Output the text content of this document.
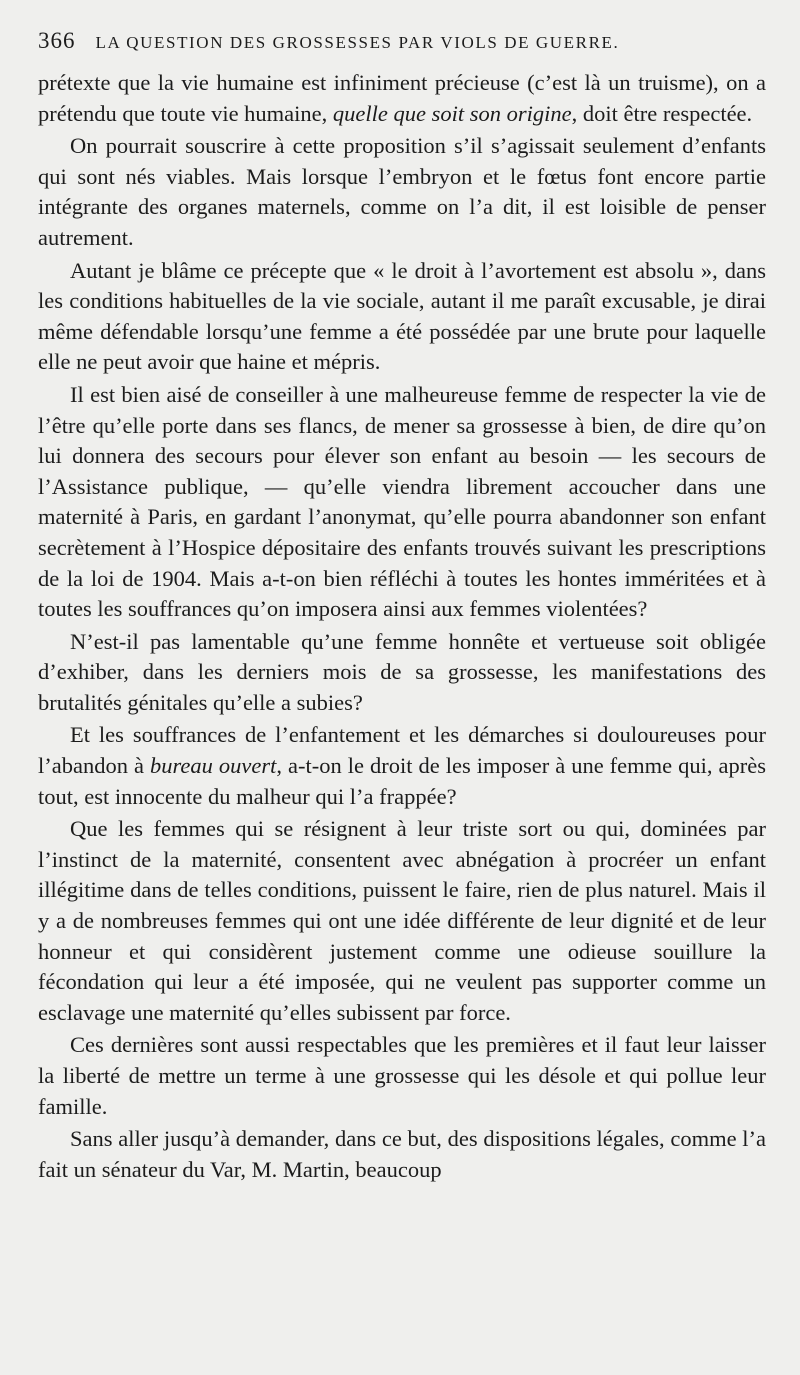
366 LA QUESTION DES GROSSESSES PAR VIOLS DE GUERRE.

prétexte que la vie humaine est infiniment précieuse (c’est là un truisme), on a prétendu que toute vie humaine, quelle que soit son origine, doit être respectée.

On pourrait souscrire à cette proposition s’il s’agissait seulement d’enfants qui sont nés viables. Mais lorsque l’embryon et le fœtus font encore partie intégrante des organes maternels, comme on l’a dit, il est loisible de penser autrement.

Autant je blâme ce précepte que « le droit à l’avortement est absolu », dans les conditions habituelles de la vie sociale, autant il me paraît excusable, je dirai même défendable lorsqu’une femme a été possédée par une brute pour laquelle elle ne peut avoir que haine et mépris.

Il est bien aisé de conseiller à une malheureuse femme de respecter la vie de l’être qu’elle porte dans ses flancs, de mener sa grossesse à bien, de dire qu’on lui donnera des secours pour élever son enfant au besoin — les secours de l’Assistance publique, — qu’elle viendra librement accoucher dans une maternité à Paris, en gardant l’anonymat, qu’elle pourra abandonner son enfant secrètement à l’Hospice dépositaire des enfants trouvés suivant les prescriptions de la loi de 1904. Mais a-t-on bien réfléchi à toutes les hontes imméritées et à toutes les souffrances qu’on imposera ainsi aux femmes violentées?

N’est-il pas lamentable qu’une femme honnête et vertueuse soit obligée d’exhiber, dans les derniers mois de sa grossesse, les manifestations des brutalités génitales qu’elle a subies?

Et les souffrances de l’enfantement et les démarches si douloureuses pour l’abandon à bureau ouvert, a-t-on le droit de les imposer à une femme qui, après tout, est innocente du malheur qui l’a frappée?

Que les femmes qui se résignent à leur triste sort ou qui, dominées par l’instinct de la maternité, consentent avec abnégation à procréer un enfant illégitime dans de telles conditions, puissent le faire, rien de plus naturel. Mais il y a de nombreuses femmes qui ont une idée différente de leur dignité et de leur honneur et qui considèrent justement comme une odieuse souillure la fécondation qui leur a été imposée, qui ne veulent pas supporter comme un esclavage une maternité qu’elles subissent par force.

Ces dernières sont aussi respectables que les premières et il faut leur laisser la liberté de mettre un terme à une grossesse qui les désole et qui pollue leur famille.

Sans aller jusqu’à demander, dans ce but, des dispositions légales, comme l’a fait un sénateur du Var, M. Martin, beaucoup
